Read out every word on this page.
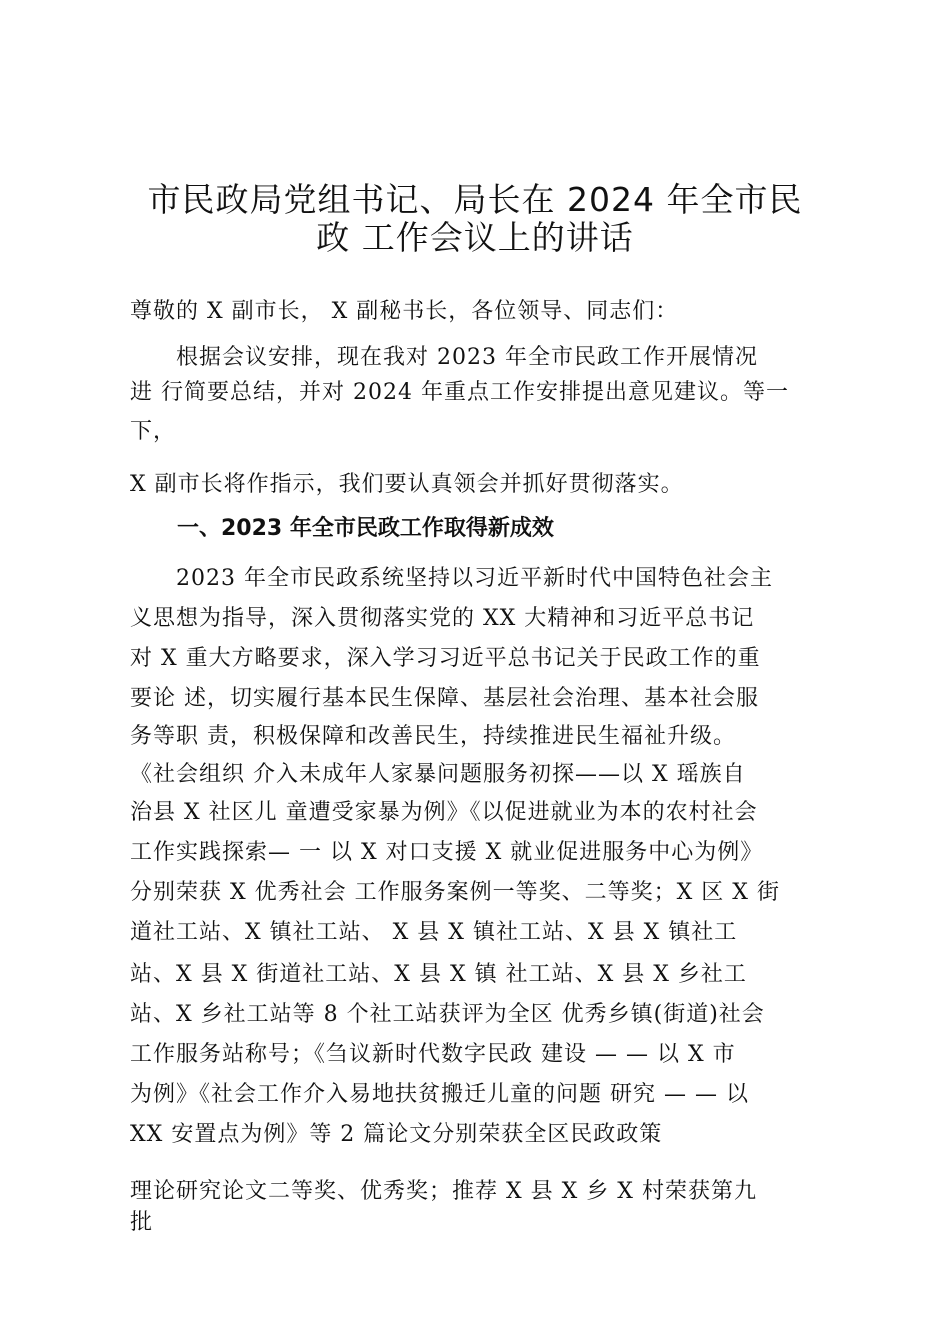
市民政局党组书记、局长在 2024 年全市民
政 工作会议上的讲话
尊敬的 X 副市长， X 副秘书长，各位领导、同志们：
　　根据会议安排，现在我对 2023 年全市民政工作开展情况
进 行简要总结，并对 2024 年重点工作安排提出意见建议。等一
下，
X 副市长将作指示，我们要认真领会并抓好贯彻落实。
一、2023 年全市民政工作取得新成效
　　2023 年全市民政系统坚持以习近平新时代中国特色社会主
义思想为指导，深入贯彻落实党的 XX 大精神和习近平总书记
对 X 重大方略要求，深入学习习近平总书记关于民政工作的重
要论 述，切实履行基本民生保障、基层社会治理、基本社会服
务等职 责，积极保障和改善民生，持续推进民生福祉升级。
《社会组织 介入未成年人家暴问题服务初探——以 X 瑶族自
治县 X 社区儿 童遭受家暴为例》《以促进就业为本的农村社会
工作实践探索— 一 以 X 对口支援 X 就业促进服务中心为例》
分别荣获 X 优秀社会 工作服务案例一等奖、二等奖；X 区 X 街
道社工站、X 镇社工站、 X 县 X 镇社工站、X 县 X 镇社工
站、X 县 X 街道社工站、X 县 X 镇 社工站、X 县 X 乡社工
站、X 乡社工站等 8 个社工站获评为全区 优秀乡镇(街道)社会
工作服务站称号；《刍议新时代数字民政 建设 — — 以 X 市
为例》《社会工作介入易地扶贫搬迁儿童的问题 研究 — — 以
XX 安置点为例》等 2 篇论文分别荣获全区民政政策
理论研究论文二等奖、优秀奖；推荐 X 县 X 乡 X 村荣获第九
批
